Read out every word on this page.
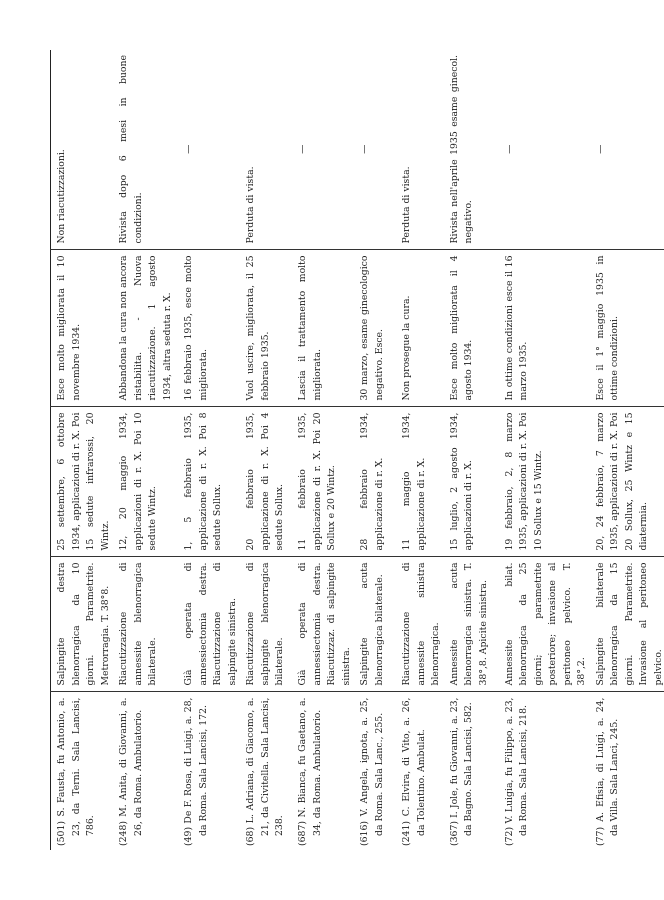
(501) S. Fausta, fu Antonio, a. 23, da Terni. Sala Lancisi, 786.	Salpingite destra blenorragica da 10 giorni. Parametrite. Metrorragia. T. 38°8.	25 settembre, 6 ottobre 1934, applicazioni di r. X. Poi 15 sedute infrarossi, 20 Wintz.	Esce molto migliorata il 10 novembre 1934.	Non riacutizzazioni.
(248) M. Anita, di Giovanni, a. 26, da Roma. Ambulatorio.	Riacutizzazione di annessite blenorragica bilaterale.	12, 20 maggio 1934, applicazioni di r. X. Poi 10 sedute Wintz.	Abbandona la cura non ancora ristabilita. - Nuova riacutizzazione. 1 agosto 1934, altra seduta r. X.	Rivista dopo 6 mesi in buone condizioni.
(49) De F. Rosa, di Luigi, a. 28, da Roma. Sala Lancisi, 172.	Già operata di annessiectomia destra. Riacutizzazione di salpingite sinistra.	1, 5 febbraio 1935, applicazione di r. X. Poi 8 sedute Sollux.	16 febbraio 1935, esce molto migliorata.	—
(68) L. Adriana, di Giacomo, a. 21, da Civitella. Sala Lancisi, 238.	Riacutizzazione di salpingite blenorragica bilaterale.	20 febbraio 1935, applicazione di r. X. Poi 4 sedute Sollux.	Vuol uscire, migliorata, il 25 febbraio 1935.	Perduta di vista.
(687) N. Bianca, fu Gaetano, a. 34, da Roma. Ambulatorio.	Già operata di annessiectomia destra. Riacutizzaz. di salpingite sinistra.	11 febbraio 1935, applicazione di r. X. Poi 20 Sollux e 20 Wintz.	Lascia il trattamento molto migliorata.	—
(616) V. Angela, ignota, a. 25, da Roma. Sala Lanc., 255.	Salpingite acuta blenorragica bilaterale.	28 febbraio 1934, applicazione di r. X.	30 marzo, esame ginecologico negativo. Esce.	—
(241) C. Elvira, di Vito, a. 26, da Tolentino. Ambulat.	Riacutizzazione di annessite sinistra blenorragica.	11 maggio 1934, applicazione di r. X.	Non prosegue la cura.	Perduta di vista.
(367) I. Jole, fu Giovanni, a. 23, da Bagno. Sala Lancisi, 582.	Annessite acuta blenorragica sinistra. T. 38°,8. Apicite sinistra.	15 luglio, 2 agosto 1934, applicazioni di r. X.	Esce molto migliorata il 4 agosto 1934.	Rivista nell'aprile 1935 esame ginecol. negativo.
(72) V. Luigia, fu Filippo, a. 23, da Roma. Sala Lancisi, 218.	Annessite bilat. blenorragica da 25 giorni; parametrite posteriore; invasione al peritoneo pelvico. T. 38°,2.	19 febbraio, 2, 8 marzo 1935, applicazioni di r. X. Poi 10 Sollux e 15 Wintz.	In ottime condizioni esce il 16 marzo 1935.	—
(77) A. Efisia, di Luigi, a. 24, da Villa. Sala Lanci, 245.	Salpingite bilaterale blenorragica da 15 giorni. Parametrite. Invasione al peritoneo pelvico.	20, 24 febbraio, 7 marzo 1935, applicazioni di r. X. Poi 20 Sollux, 25 Wintz e 15 diatermia.	Esce il 1° maggio 1935 in ottime condizioni.	—
